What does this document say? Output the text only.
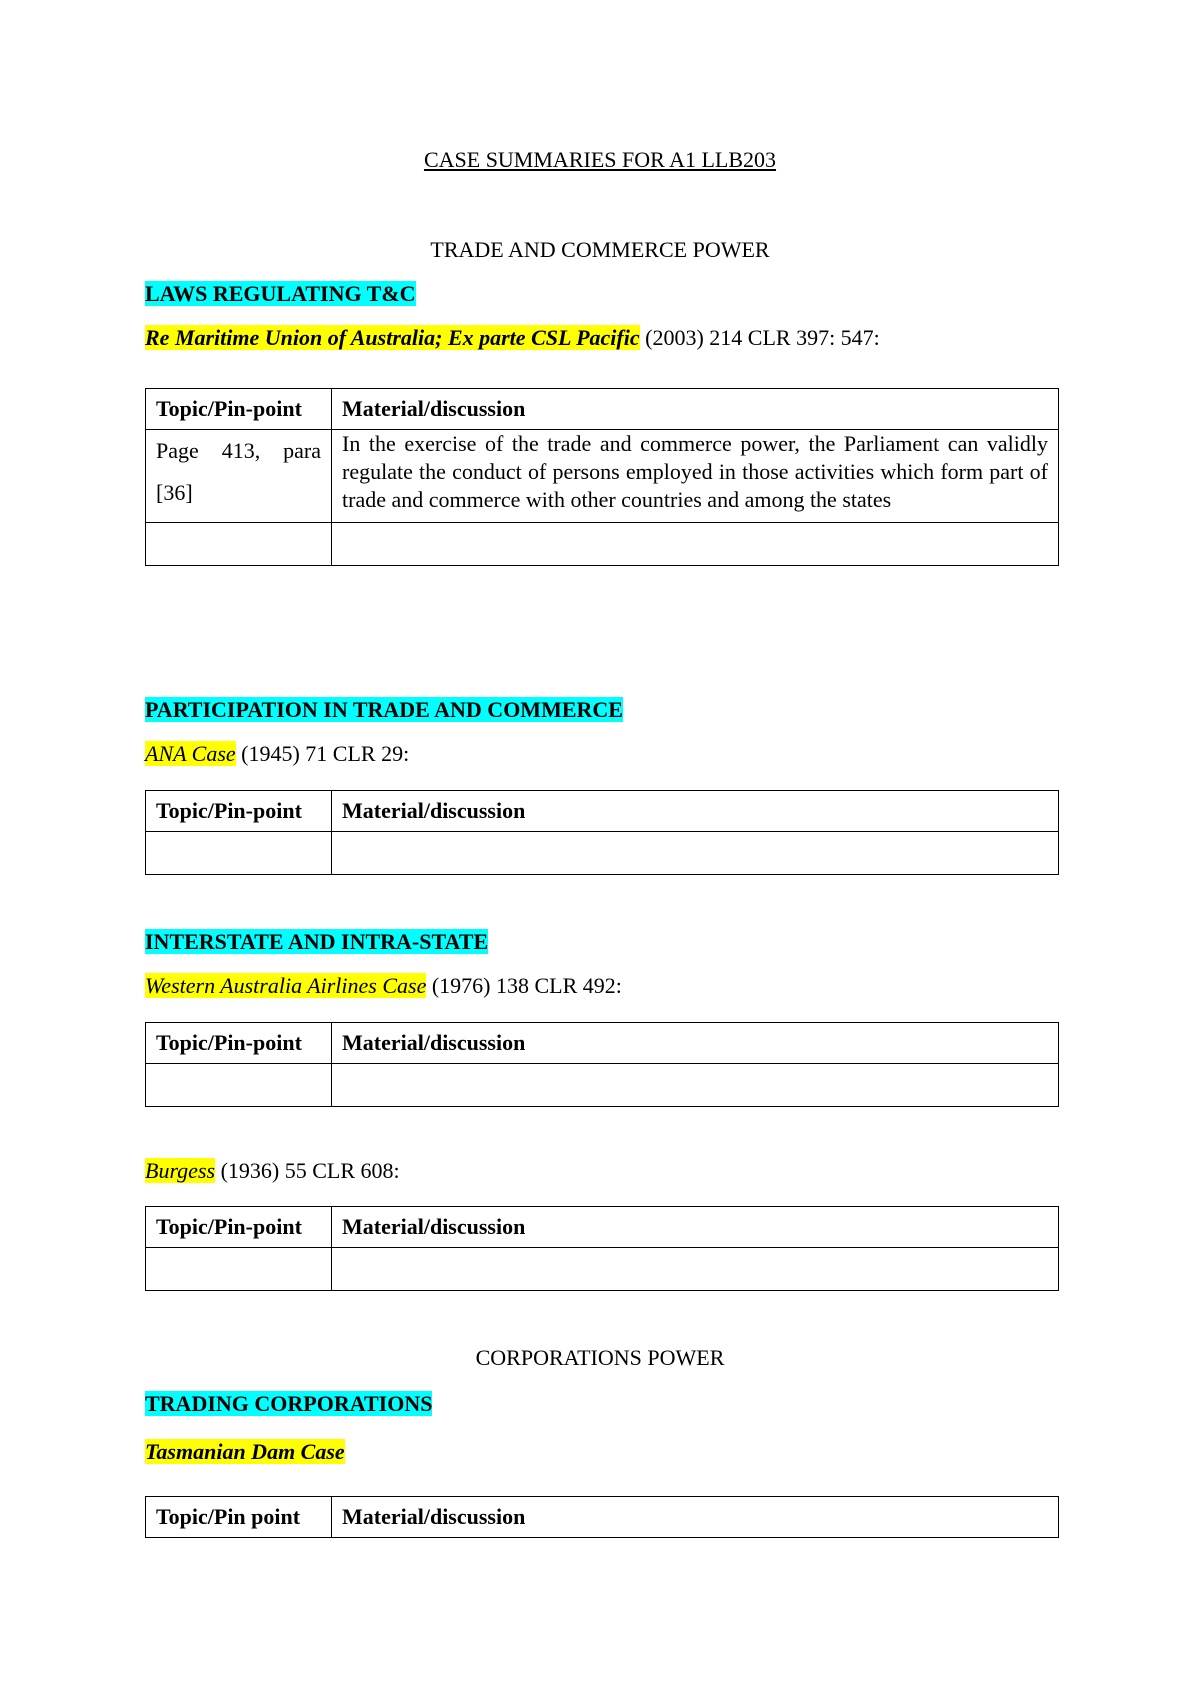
CASE SUMMARIES FOR A1 LLB203
TRADE AND COMMERCE POWER
LAWS REGULATING T&C
Re Maritime Union of Australia; Ex parte CSL Pacific (2003) 214 CLR 397: 547:
Topic/Pin-point	Material/discussion
Page 413, para [36]	In the exercise of the trade and commerce power, the Parliament can validly regulate the conduct of persons employed in those activities which form part of trade and commerce with other countries and among the states

PARTICIPATION IN TRADE AND COMMERCE
ANA Case (1945) 71 CLR 29:
Topic/Pin-point	Material/discussion

INTERSTATE AND INTRA-STATE
Western Australia Airlines Case (1976) 138 CLR 492:
Topic/Pin-point	Material/discussion

Burgess (1936) 55 CLR 608:
Topic/Pin-point	Material/discussion

CORPORATIONS POWER
TRADING CORPORATIONS
Tasmanian Dam Case
Topic/Pin point	Material/discussion
